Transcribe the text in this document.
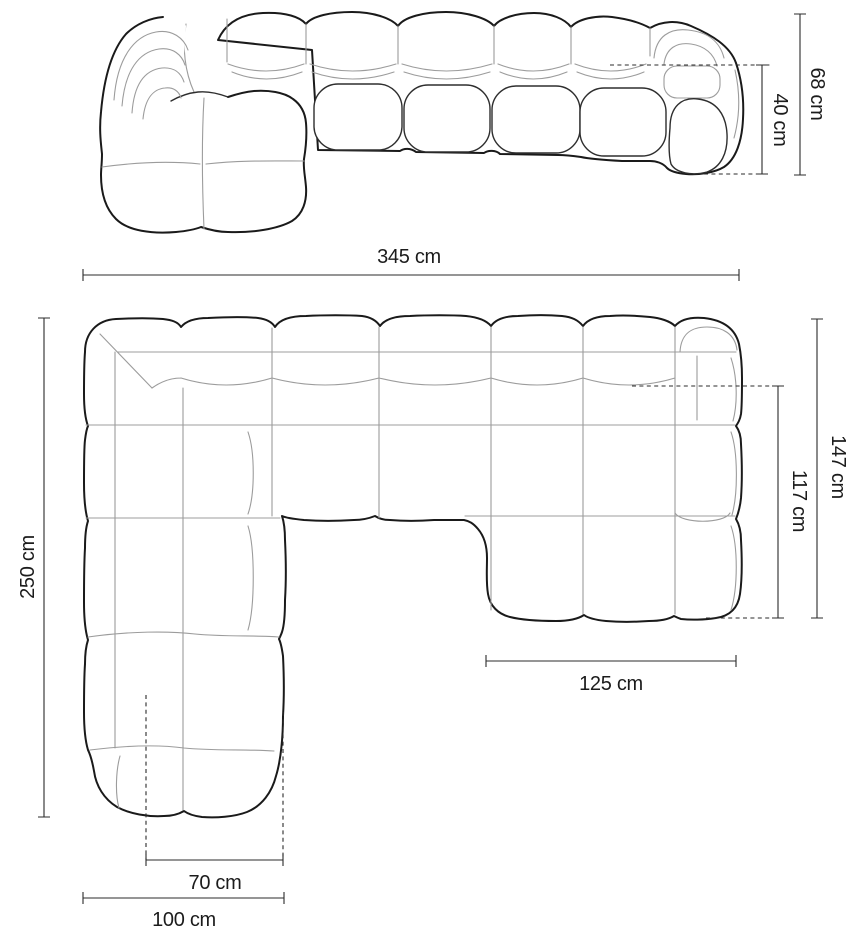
345 cm
68 cm
40 cm
250 cm
147 cm
117 cm
125 cm
70 cm
100 cm
